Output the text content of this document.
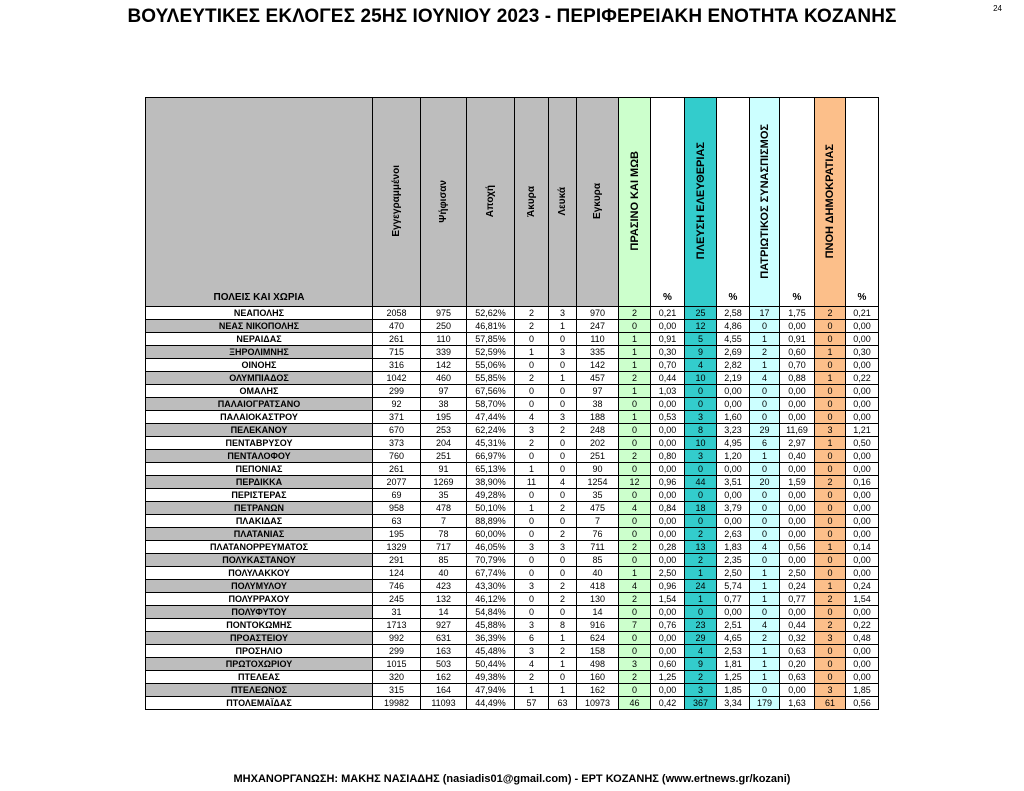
ΒΟΥΛΕΥΤΙΚΕΣ ΕΚΛΟΓΕΣ 25ΗΣ ΙΟΥΝΙΟΥ 2023 - ΠΕΡΙΦΕΡΕΙΑΚΗ ΕΝΟΤΗΤΑ ΚΟΖΑΝΗΣ	24
ΠΟΛΕΙΣ ΚΑΙ ΧΩΡΙΑ	Εγγεγραμμένοι	Ψήφισαν	Αποχή	Άκυρα	Λευκά	Εγκυρα	ΠΡΑΣΙΝΟ ΚΑΙ ΜΩΒ	%	ΠΛΕΥΣΗ ΕΛΕΥΘΕΡΙΑΣ	%	ΠΑΤΡΙΩΤΙΚΟΣ ΣΥΝΑΣΠΙΣΜΟΣ	%	ΠΝΟΗ ΔΗΜΟΚΡΑΤΙΑΣ	%
ΝΕΑΠΟΛΗΣ	2058	975	52,62%	2	3	970	2	0,21	25	2,58	17	1,75	2	0,21
ΝΕΑΣ ΝΙΚΟΠΟΛΗΣ	470	250	46,81%	2	1	247	0	0,00	12	4,86	0	0,00	0	0,00
ΝΕΡΑΙΔΑΣ	261	110	57,85%	0	0	110	1	0,91	5	4,55	1	0,91	0	0,00
ΞΗΡΟΛΙΜΝΗΣ	715	339	52,59%	1	3	335	1	0,30	9	2,69	2	0,60	1	0,30
ΟΙΝΟΗΣ	316	142	55,06%	0	0	142	1	0,70	4	2,82	1	0,70	0	0,00
ΟΛΥΜΠΙΑΔΟΣ	1042	460	55,85%	2	1	457	2	0,44	10	2,19	4	0,88	1	0,22
ΟΜΑΛΗΣ	299	97	67,56%	0	0	97	1	1,03	0	0,00	0	0,00	0	0,00
ΠΑΛΑΙΟΓΡΑΤΣΑΝΟ	92	38	58,70%	0	0	38	0	0,00	0	0,00	0	0,00	0	0,00
ΠΑΛΑΙΟΚΑΣΤΡΟΥ	371	195	47,44%	4	3	188	1	0,53	3	1,60	0	0,00	0	0,00
ΠΕΛΕΚΑΝΟΥ	670	253	62,24%	3	2	248	0	0,00	8	3,23	29	11,69	3	1,21
ΠΕΝΤΑΒΡΥΣΟΥ	373	204	45,31%	2	0	202	0	0,00	10	4,95	6	2,97	1	0,50
ΠΕΝΤΑΛΟΦΟΥ	760	251	66,97%	0	0	251	2	0,80	3	1,20	1	0,40	0	0,00
ΠΕΠΟΝΙΑΣ	261	91	65,13%	1	0	90	0	0,00	0	0,00	0	0,00	0	0,00
ΠΕΡΔΙΚΚΑ	2077	1269	38,90%	11	4	1254	12	0,96	44	3,51	20	1,59	2	0,16
ΠΕΡΙΣΤΕΡΑΣ	69	35	49,28%	0	0	35	0	0,00	0	0,00	0	0,00	0	0,00
ΠΕΤΡΑΝΩΝ	958	478	50,10%	1	2	475	4	0,84	18	3,79	0	0,00	0	0,00
ΠΛΑΚΙΔΑΣ	63	7	88,89%	0	0	7	0	0,00	0	0,00	0	0,00	0	0,00
ΠΛΑΤΑΝΙΑΣ	195	78	60,00%	0	2	76	0	0,00	2	2,63	0	0,00	0	0,00
ΠΛΑΤΑΝΟΡΡΕΥΜΑΤΟΣ	1329	717	46,05%	3	3	711	2	0,28	13	1,83	4	0,56	1	0,14
ΠΟΛΥΚΑΣΤΑΝΟΥ	291	85	70,79%	0	0	85	0	0,00	2	2,35	0	0,00	0	0,00
ΠΟΛΥΛΑΚΚΟΥ	124	40	67,74%	0	0	40	1	2,50	1	2,50	1	2,50	0	0,00
ΠΟΛΥΜΥΛΟΥ	746	423	43,30%	3	2	418	4	0,96	24	5,74	1	0,24	1	0,24
ΠΟΛΥΡΡΑΧΟΥ	245	132	46,12%	0	2	130	2	1,54	1	0,77	1	0,77	2	1,54
ΠΟΛΥΦΥΤΟΥ	31	14	54,84%	0	0	14	0	0,00	0	0,00	0	0,00	0	0,00
ΠΟΝΤΟΚΩΜΗΣ	1713	927	45,88%	3	8	916	7	0,76	23	2,51	4	0,44	2	0,22
ΠΡΟΑΣΤΕΙΟΥ	992	631	36,39%	6	1	624	0	0,00	29	4,65	2	0,32	3	0,48
ΠΡΟΣΗΛΙΟ	299	163	45,48%	3	2	158	0	0,00	4	2,53	1	0,63	0	0,00
ΠΡΩΤΟΧΩΡΙΟΥ	1015	503	50,44%	4	1	498	3	0,60	9	1,81	1	0,20	0	0,00
ΠΤΕΛΕΑΣ	320	162	49,38%	2	0	160	2	1,25	2	1,25	1	0,63	0	0,00
ΠΤΕΛΕΩΝΟΣ	315	164	47,94%	1	1	162	0	0,00	3	1,85	0	0,00	3	1,85
ΠΤΟΛΕΜΑΪΔΑΣ	19982	11093	44,49%	57	63	10973	46	0,42	367	3,34	179	1,63	61	0,56
ΜΗΧΑΝΟΡΓΑΝΩΣΗ: ΜΑΚΗΣ ΝΑΣΙΑΔΗΣ (nasiadis01@gmail.com) - ΕΡΤ ΚΟΖΑΝΗΣ (www.ertnews.gr/kozani)
